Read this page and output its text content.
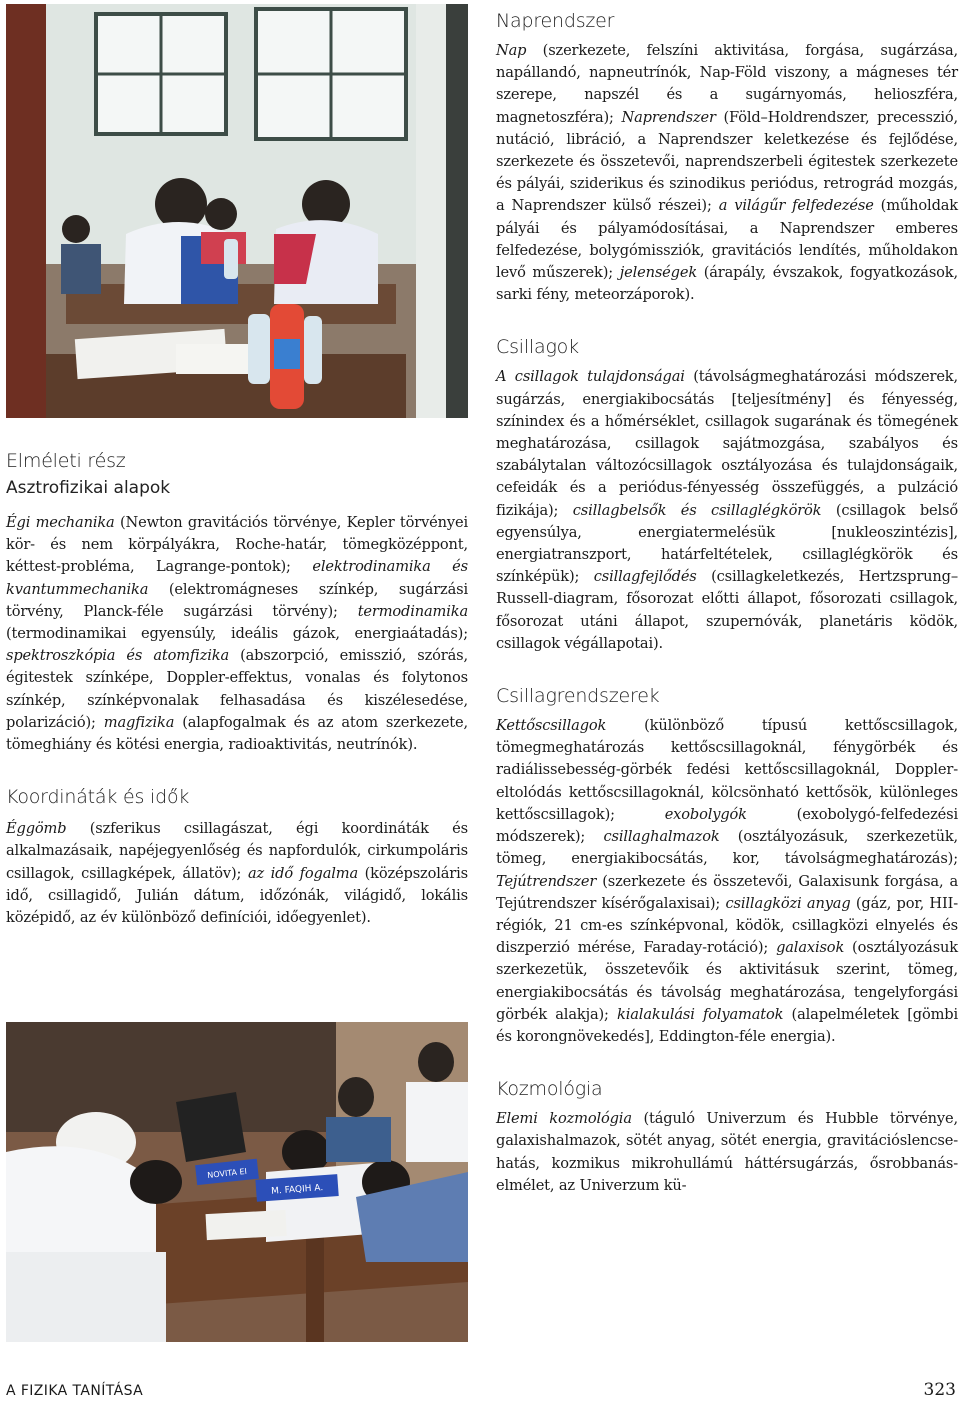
Elméleti rész
Asztrofizikai alapok

Égi mechanika (Newton gravitációs törvénye, Kepler törvényei kör- és nem körpályákra, Roche-határ, tömegközéppont, kéttest-probléma, Lagrange-pontok); elektrodinamika és kvantummechanika (elektromágneses színkép, sugárzási törvény, Planck-féle sugárzási törvény); termodinamika (termodinamikai egyensúly, ideális gázok, energiaátadás); spektroszkópia és atomfizika (abszorpció, emisszió, szórás, égitestek színképe, Doppler-effektus, vonalas és folytonos színkép, színképvonalak felhasadása és kiszélesedése, polarizáció); magfizika (alapfogalmak és az atom szerkezete, tömeghiány és kötési energia, radioaktivitás, neutrínók).

Koordináták és idők

Éggömb (szferikus csillagászat, égi koordináták és alkalmazásaik, napéjegyenlőség és napfordulók, cirkumpoláris csillagok, csillagképek, állatöv); az idő fogalma (középszoláris idő, csillagidő, Julián dátum, időzónák, világidő, lokális középidő, az év különböző definíciói, időegyenlet).

NOVITA EI
M. FAQIH A.
Naprendszer

Nap (szerkezete, felszíni aktivitása, forgása, sugárzása, napállandó, napneutrínók, Nap-Föld viszony, a mágneses tér szerepe, napszél és a sugárnyomás, helioszféra, magnetoszféra); Naprendszer (Föld–Holdrendszer, precesszió, nutáció, libráció, a Naprendszer keletkezése és fejlődése, szerkezete és összetevői, naprendszerbeli égitestek szerkezete és pályái, sziderikus és szinodikus periódus, retrográd mozgás, a Naprendszer külső részei); a világűr felfedezése (műholdak pályái és pályamódosításai, a Naprendszer emberes felfedezése, bolygómissziók, gravitációs lendítés, műholdakon levő műszerek); jelenségek (árapály, évszakok, fogyatkozások, sarki fény, meteorzáporok).

Csillagok

A csillagok tulajdonságai (távolságmeghatározási módszerek, sugárzás, energiakibocsátás [teljesítmény] és fényesség, színindex és a hőmérséklet, csillagok sugarának és tömegének meghatározása, csillagok sajátmozgása, szabályos és szabálytalan változócsillagok osztályozása és tulajdonságaik, cefeidák és a periódus-fényesség összefüggés, a pulzáció fizikája); csillagbelsők és csillaglégkörök (csillagok belső egyensúlya, energiatermelésük [nukleoszintézis], energiatranszport, határfeltételek, csillaglégkörök és színképük); csillagfejlődés (csillagkeletkezés, Hertzsprung–Russell-diagram, fősorozat előtti állapot, fősorozati csillagok, fősorozat utáni állapot, szupernóvák, planetáris ködök, csillagok végállapotai).

Csillagrendszerek

Kettőscsillagok (különböző típusú kettőscsillagok, tömegmeghatározás kettőscsillagoknál, fénygörbék és radiálissebesség-görbék fedési kettőscsillagoknál, Doppler-eltolódás kettőscsillagoknál, kölcsönható kettősök, különleges kettőscsillagok); exobolygók (exobolygó-felfedezési módszerek); csillaghalmazok (osztályozásuk, szerkezetük, tömeg, energiakibocsátás, kor, távolságmeghatározás); Tejútrendszer (szerkezete és összetevői, Galaxisunk forgása, a Tejútrendszer kísérőgalaxisai); csillagközi anyag (gáz, por, HII-régiók, 21 cm-es színképvonal, ködök, csillagközi elnyelés és diszperzió mérése, Faraday-rotáció); galaxisok (osztályozásuk szerkezetük, összetevőik és aktivitásuk szerint, tömeg, energiakibocsátás és távolság meghatározása, tengelyforgási görbék alakja); kialakulási folyamatok (alapelméletek [gömbi és korongnövekedés], Eddington-féle energia).

Kozmológia

Elemi kozmológia (táguló Univerzum és Hubble törvénye, galaxishalmazok, sötét anyag, sötét energia, gravitációslencse-hatás, kozmikus mikrohullámú háttérsugárzás, ősrobbanás-elmélet, az Univerzum kü-

A FIZIKA TANÍTÁSA	323
